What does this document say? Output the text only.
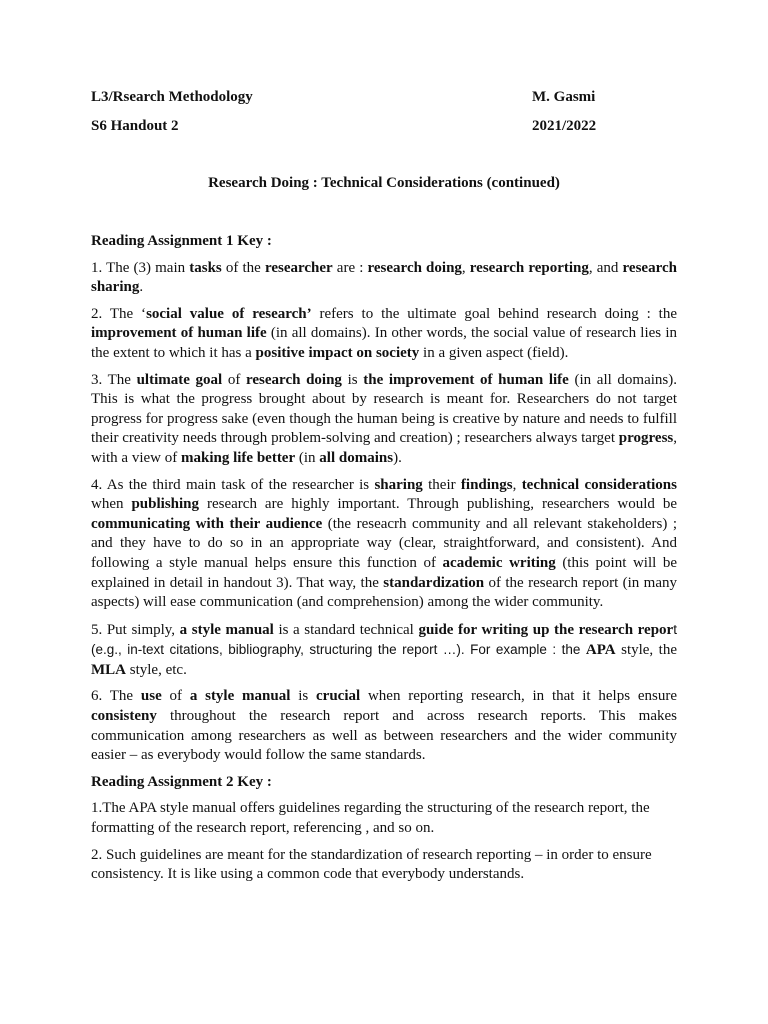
L3/Rsearch Methodology	M. Gasmi
S6 Handout 2	2021/2022
Research Doing : Technical Considerations (continued)
Reading Assignment 1 Key :
1. The (3) main tasks of the researcher are : research doing, research reporting, and research sharing.
2. The ‘social value of research’ refers to the ultimate goal behind research doing : the improvement of human life (in all domains). In other words, the social value of research lies in the extent to which it has a positive impact on society in a given aspect (field).
3. The ultimate goal of research doing is the improvement of human life (in all domains). This is what the progress brought about by research is meant for. Researchers do not target progress for progress sake (even though the human being is creative by nature and needs to fulfill their creativity needs through problem-solving and creation) ; researchers always target progress, with a view of making life better (in all domains).
4. As the third main task of the researcher is sharing their findings, technical considerations when publishing research are highly important. Through publishing, researchers would be communicating with their audience (the reseacrh community and all relevant stakeholders) ; and they have to do so in an appropriate way (clear, straightforward, and consistent). And following a style manual helps ensure this function of academic writing (this point will be explained in detail in handout 3). That way, the standardization of the research report (in many aspects) will ease communication (and comprehension) among the wider community.
5. Put simply, a style manual is a standard technical guide for writing up the research report (e.g., in-text citations, bibliography, structuring the report …). For example : the APA style, the MLA style, etc.
6. The use of a style manual is crucial when reporting research, in that it helps ensure consisteny throughout the research report and across research reports. This makes communication among researchers as well as between researchers and the wider community easier – as everybody would follow the same standards.
Reading Assignment 2 Key :
1.The APA style manual offers guidelines regarding the structuring of the research report, the formatting of the research report, referencing , and so on.
2. Such guidelines are meant for the standardization of research reporting – in order to ensure consistency. It is like using a common code that everybody understands.
